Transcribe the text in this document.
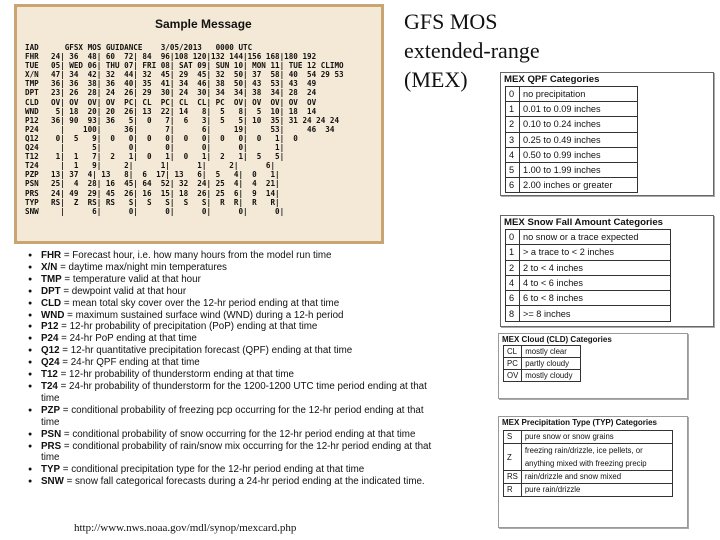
Sample Message
IAD	GFSX MOS GUIDANCE    3/05/2013   0000 UTC
FHR	24| 36  48| 60  72| 84  96|108 120|132 144|156 168|180 192
TUE	05| WED 06| THU 07| FRI 08| SAT 09| SUN 10| MON 11| TUE 12 CLIMO
X/N	47| 34  42| 32  44| 32  45| 29  45| 32  50| 37  58| 40  54 29 53
TMP	36| 36  38| 36  40| 35  41| 34  46| 38  50| 43  53| 43  49
DPT	23| 26  28| 24  26| 29  30| 24  30| 34  34| 38  34| 28  24
CLD	OV| OV  OV| OV  PC| CL  PC| CL  CL| PC  OV| OV  OV| OV  OV
WND	5| 18  20| 20  26| 13  22| 14   8|  5   8|  5  10| 18  14
P12	36| 90  93| 36   5|  0   7|  6   3|  5   5| 10  35| 31 24 24 24
P24	|    100|     36|      7|      6|     19|     53|     46  34
Q12	0|  5   9|  0   0|  0   0|  0   0|  0   0|  0   1|  0
Q24	|      5|      0|      0|      0|      0|      1|
T12	1|  1   7|  2   1|  0   1|  0   1|  2   1|  5   5|
T24	|  1   9|     2|      1|      1|     2|      6|
PZP	13| 37  4| 13   8|  6  17| 13   6|  5   4|  0   1|
PSN	25|  4  28| 16  45| 64  52| 32  24| 25  4|  4  21|
PRS	24| 49  29| 45  26| 16  15| 18  26| 25  6|  9  14|
TYP	RS|  Z  RS| RS   S|  S   S|  S   S|  R  R|  R   R|
SNW	|      6|      0|      0|      0|      0|      0|
GFS MOS
extended-range
(MEX)
● FHR = Forecast hour, i.e. how many hours from the model run time
● X/N = daytime max/night min temperatures
● TMP = temperature valid at that hour
● DPT = dewpoint valid at that hour
● CLD = mean total sky cover over the 12-hr period ending at that time
● WND = maximum sustained surface wind (WND) during a 12-h period
● P12 = 12-hr probability of precipitation (PoP) ending at that time
● P24 = 24-hr PoP ending at that time
● Q12 = 12-hr quantitative precipitation forecast (QPF) ending at that time
● Q24 = 24-hr QPF ending at that time
● T12 = 12-hr probability of thunderstorm ending at that time
● T24 = 24-hr probability of thunderstorm for the 1200-1200 UTC time period ending at that time
● PZP = conditional probability of freezing pcp occurring for the 12-hr period ending at that time
● PSN = conditional probability of snow occurring for the 12-hr period ending at that time
● PRS = conditional probability of rain/snow mix occurring for the 12-hr period ending at that time
● TYP = conditional precipitation type for the 12-hr period ending at that time
● SNW = snow fall categorical forecasts during a 24-hr period ending at the indicated time.
http://www.nws.noaa.gov/mdl/synop/mexcard.php
MEX QPF Categories
0	no precipitation
1	0.01 to 0.09 inches
2	0.10 to 0.24 inches
3	0.25 to 0.49 inches
4	0.50 to 0.99 inches
5	1.00 to 1.99 inches
6	2.00 inches or greater
MEX Snow Fall Amount Categories
0	no snow or a trace expected
1	> a trace to < 2 inches
2	2 to < 4 inches
4	4 to < 6 inches
6	6 to < 8 inches
8	>= 8 inches
MEX Cloud (CLD) Categories
CL	mostly clear
PC	partly cloudy
OV	mostly cloudy
MEX Precipitation Type (TYP) Categories
S	pure snow or snow grains
Z	freezing rain/drizzle, ice pellets, or anything mixed with freezing precip
RS	rain/drizzle and snow mixed
R	pure rain/drizzle
